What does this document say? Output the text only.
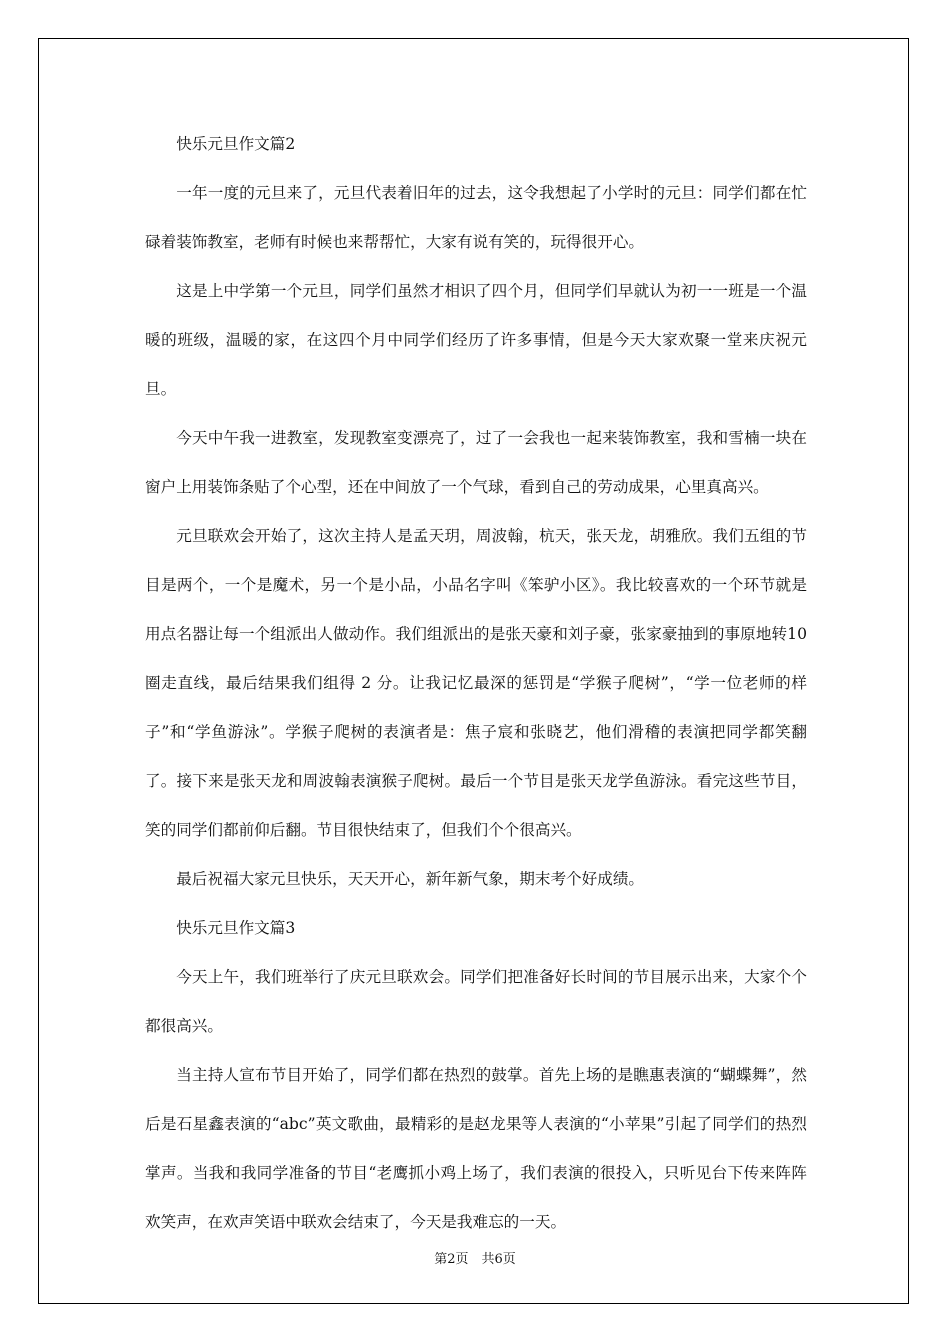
快乐元旦作文篇2

一年一度的元旦来了，元旦代表着旧年的过去，这令我想起了小学时的元旦：同学们都在忙碌着装饰教室，老师有时候也来帮帮忙，大家有说有笑的，玩得很开心。

这是上中学第一个元旦，同学们虽然才相识了四个月，但同学们早就认为初一一班是一个温暖的班级，温暖的家，在这四个月中同学们经历了许多事情，但是今天大家欢聚一堂来庆祝元旦。

今天中午我一进教室，发现教室变漂亮了，过了一会我也一起来装饰教室，我和雪楠一块在窗户上用装饰条贴了个心型，还在中间放了一个气球，看到自己的劳动成果，心里真高兴。

元旦联欢会开始了，这次主持人是孟天玥，周波翰，杭天，张天龙，胡雅欣。我们五组的节目是两个，一个是魔术，另一个是小品，小品名字叫《笨驴小区》。我比较喜欢的一个环节就是用点名器让每一个组派出人做动作。我们组派出的是张天豪和刘子豪，张家豪抽到的事原地转10 圈走直线，最后结果我们组得 2 分。让我记忆最深的惩罚是“学猴子爬树”，“学一位老师的样子”和“学鱼游泳”。学猴子爬树的表演者是：焦子宸和张晓艺，他们滑稽的表演把同学都笑翻了。接下来是张天龙和周波翰表演猴子爬树。最后一个节目是张天龙学鱼游泳。看完这些节目，笑的同学们都前仰后翻。节目很快结束了，但我们个个很高兴。

最后祝福大家元旦快乐，天天开心，新年新气象，期末考个好成绩。

快乐元旦作文篇3

今天上午，我们班举行了庆元旦联欢会。同学们把准备好长时间的节目展示出来，大家个个都很高兴。

当主持人宣布节目开始了，同学们都在热烈的鼓掌。首先上场的是瞧惠表演的“蝴蝶舞”，然后是石星鑫表演的“abc”英文歌曲，最精彩的是赵龙果等人表演的“小苹果”引起了同学们的热烈掌声。当我和我同学准备的节目“老鹰抓小鸡上场了，我们表演的很投入，只听见台下传来阵阵欢笑声，在欢声笑语中联欢会结束了，今天是我难忘的一天。

第2页　共6页
